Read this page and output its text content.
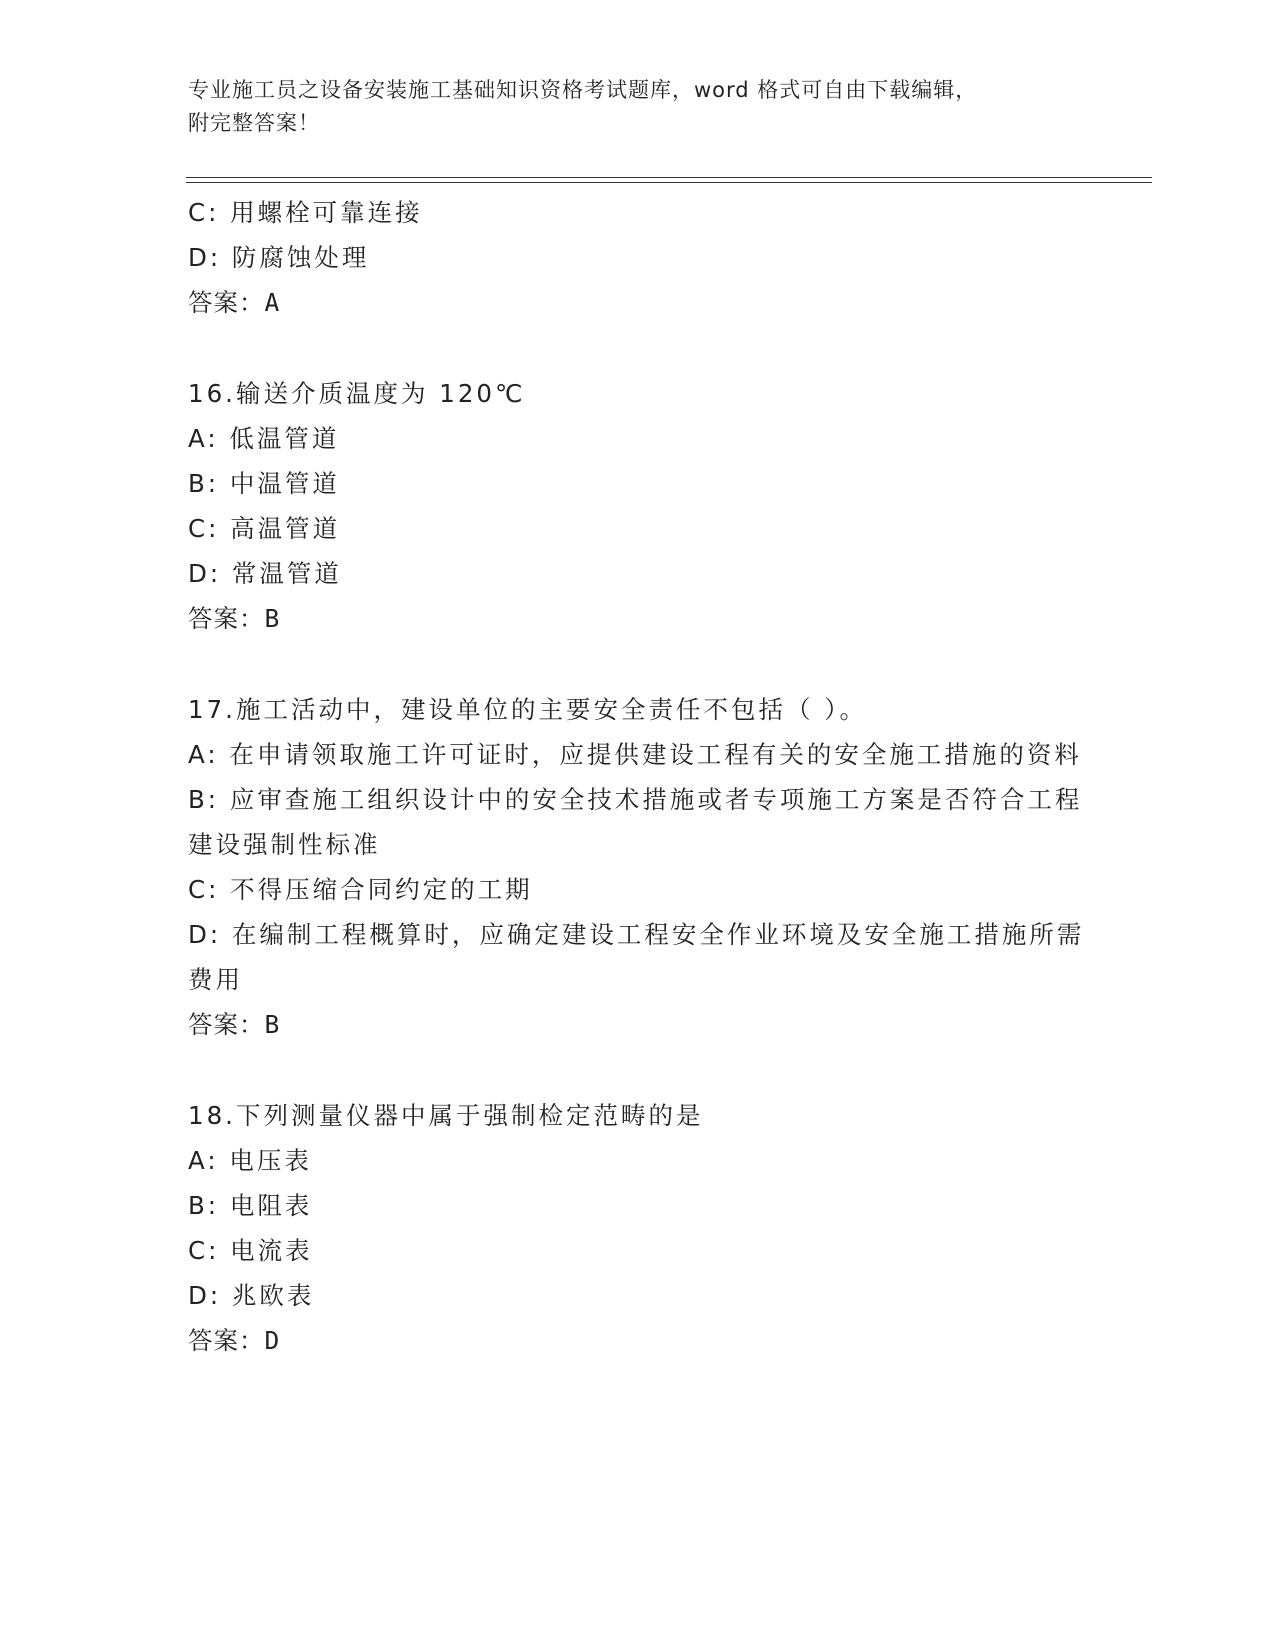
专业施工员之设备安装施工基础知识资格考试题库，word 格式可自由下载编辑，
附完整答案！

C: 用螺栓可靠连接

D: 防腐蚀处理

答案：A

16.输送介质温度为 120℃

A: 低温管道

B: 中温管道

C: 高温管道

D: 常温管道

答案：B

17.施工活动中，建设单位的主要安全责任不包括（ ）。

A: 在申请领取施工许可证时，应提供建设工程有关的安全施工措施的资料

B: 应审查施工组织设计中的安全技术措施或者专项施工方案是否符合工程建设强制性标准

C: 不得压缩合同约定的工期

D: 在编制工程概算时，应确定建设工程安全作业环境及安全施工措施所需费用

答案：B

18.下列测量仪器中属于强制检定范畴的是

A: 电压表

B: 电阻表

C: 电流表

D: 兆欧表

答案：D
